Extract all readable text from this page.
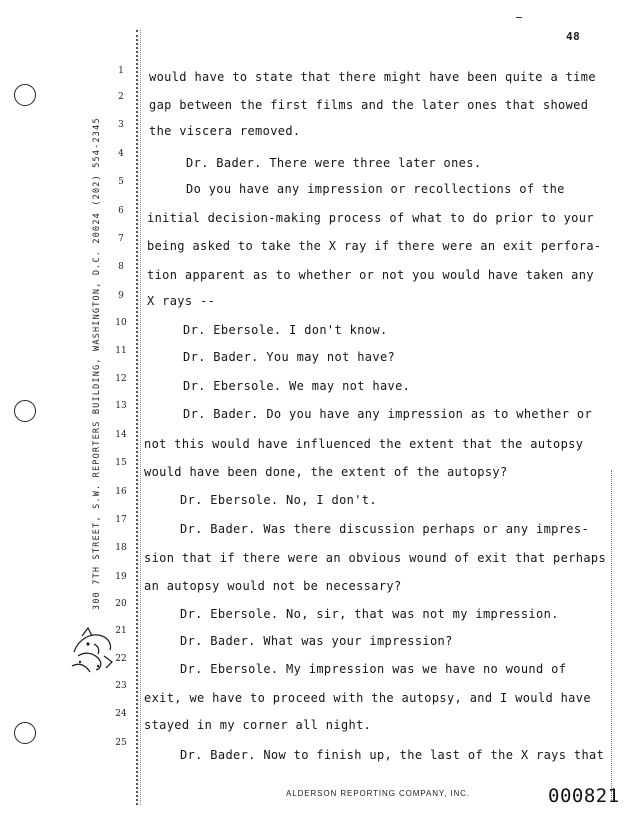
48
300 7TH STREET, S.W. REPORTERS BUILDING, WASHINGTON, D.C. 20024 (202) 554-2345
1
2
3
4
5
6
7
8
9
10
11
12
13
14
15
16
17
18
19
20
21
22
23
24
25
would have to state that there might have been quite a time
gap between the first films and the later ones that showed
the viscera removed.
Dr. Bader. There were three later ones.
Do you have any impression or recollections of the
initial decision-making process of what to do prior to your
being asked to take the X ray if there were an exit perfora-
tion apparent as to whether or not you would have taken any
X rays --
Dr. Ebersole. I don't know.
Dr. Bader. You may not have?
Dr. Ebersole. We may not have.
Dr. Bader. Do you have any impression as to whether or
not this would have influenced the extent that the autopsy
would have been done, the extent of the autopsy?
Dr. Ebersole. No, I don't.
Dr. Bader. Was there discussion perhaps or any impres-
sion that if there were an obvious wound of exit that perhaps
an autopsy would not be necessary?
Dr. Ebersole. No, sir, that was not my impression.
Dr. Bader. What was your impression?
Dr. Ebersole. My impression was we have no wound of
exit, we have to proceed with the autopsy, and I would have
stayed in my corner all night.
Dr. Bader. Now to finish up, the last of the X rays that
ALDERSON REPORTING COMPANY, INC.	000821
